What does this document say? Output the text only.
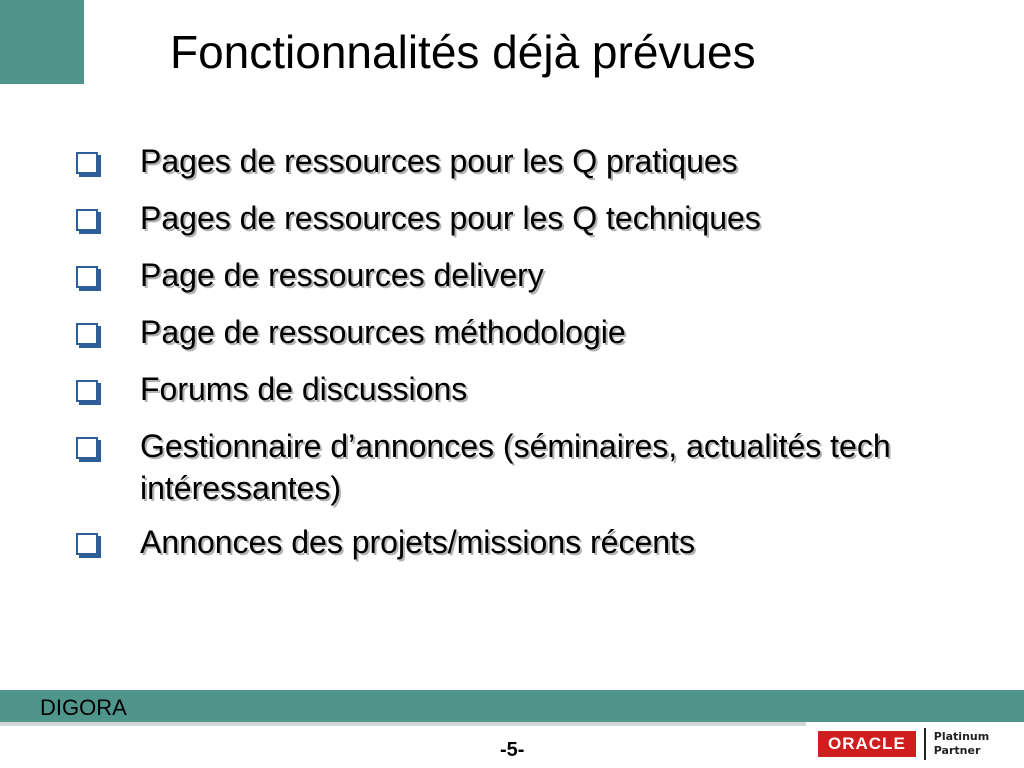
Fonctionnalités déjà prévues
Pages de ressources pour les Q pratiques
Pages de ressources pour les Q techniques
Page de ressources delivery
Page de ressources méthodologie
Forums de discussions
Gestionnaire d’annonces (séminaires, actualités tech intéressantes)
Annonces des projets/missions récents
DIGORA
-5-	ORACLE	Platinum
Partner
